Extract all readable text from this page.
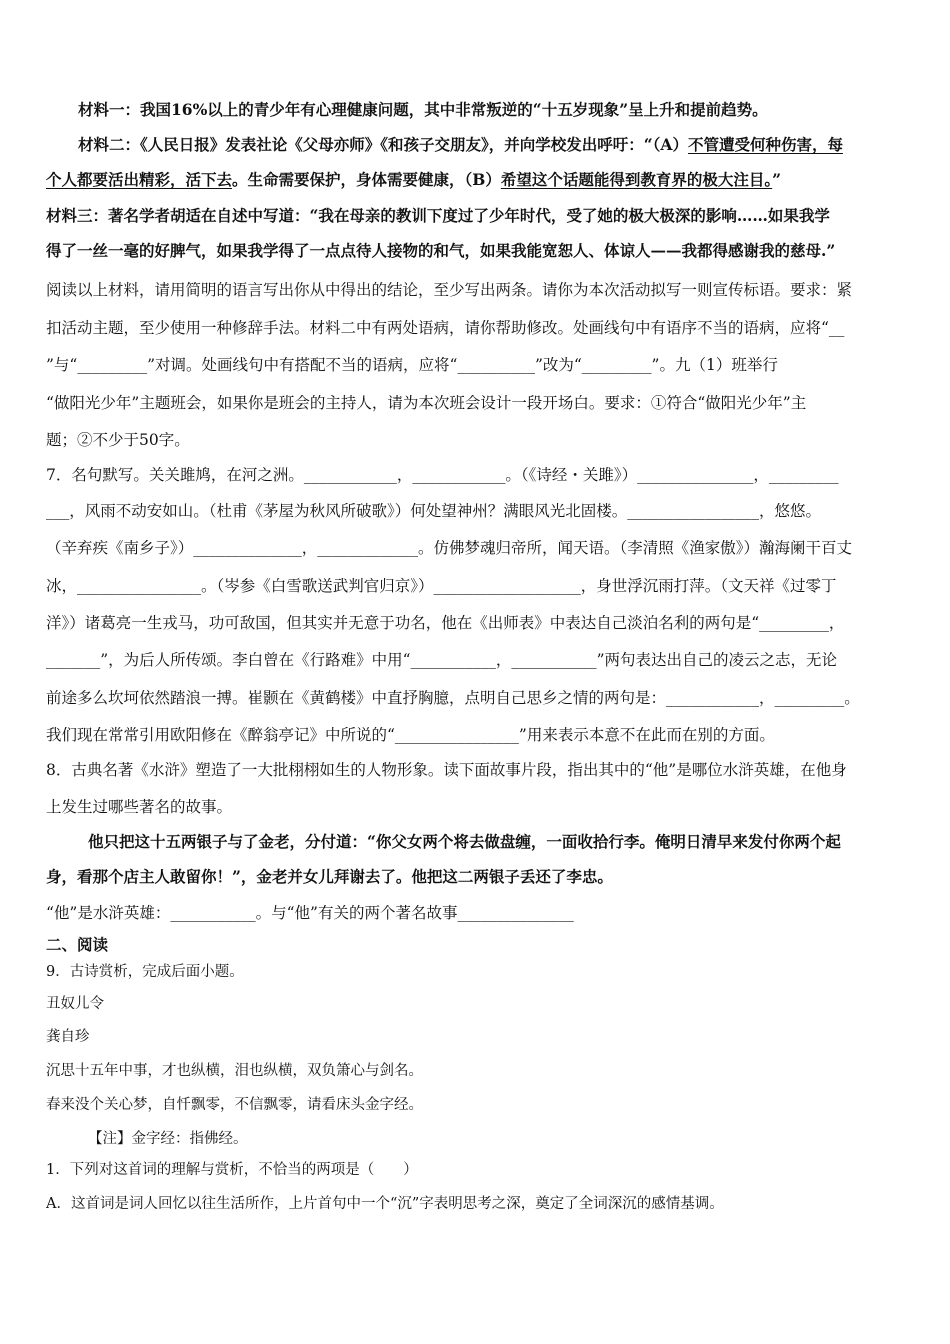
材料一：我国16%以上的青少年有心理健康问题，其中非常叛逆的“十五岁现象”呈上升和提前趋势。
材料二：《人民日报》发表社论《父母亦师》《和孩子交朋友》，并向学校发出呼吁：“（A）不管遭受何种伤害，每
个人都要活出精彩，活下去。生命需要保护，身体需要健康，（B）希望这个话题能得到教育界的极大注目。”
材料三：著名学者胡适在自述中写道：“我在母亲的教训下度过了少年时代，受了她的极大极深的影响……如果我学
得了一丝一毫的好脾气，如果我学得了一点点待人接物的和气，如果我能宽恕人、体谅人——我都得感谢我的慈母.”
阅读以上材料，请用简明的语言写出你从中得出的结论，至少写出两条。请你为本次活动拟写一则宣传标语。要求：紧
扣活动主题，至少使用一种修辞手法。材料二中有两处语病，请你帮助修改。处画线句中有语序不当的语病，应将“__
”与“_________”对调。处画线句中有搭配不当的语病，应将“__________”改为“_________”。九（1）班举行
“做阳光少年”主题班会，如果你是班会的主持人，请为本次班会设计一段开场白。要求：①符合“做阳光少年”主
题；②不少于50字。
7．名句默写。关关雎鸠，在河之洲。____________，____________。（《诗经・关雎》）_______________，_________
___，风雨不动安如山。（杜甫《茅屋为秋风所破歌》）何处望神州？满眼风光北固楼。_________________，悠悠。
（辛弃疾《南乡子》）______________，_____________。仿佛梦魂归帝所，闻天语。（李清照《渔家傲》）瀚海阑干百丈
冰，________________。（岑参《白雪歌送武判官归京》）___________________，身世浮沉雨打萍。（文天祥《过零丁
洋》）诸葛亮一生戎马，功可敌国，但其实并无意于功名，他在《出师表》中表达自己淡泊名利的两句是“_________，
_______”，为后人所传颂。李白曾在《行路难》中用“___________，___________”两句表达出自己的凌云之志，无论
前途多么坎坷依然踏浪一搏。崔颢在《黄鹤楼》中直抒胸臆，点明自己思乡之情的两句是：____________，_________。
我们现在常常引用欧阳修在《醉翁亭记》中所说的“________________”用来表示本意不在此而在别的方面。
8．古典名著《水浒》塑造了一大批栩栩如生的人物形象。读下面故事片段，指出其中的“他”是哪位水浒英雄，在他身
上发生过哪些著名的故事。
他只把这十五两银子与了金老，分付道：“你父女两个将去做盘缠，一面收拾行李。俺明日清早来发付你两个起
身，看那个店主人敢留你！”，金老并女儿拜谢去了。他把这二两银子丢还了李忠。
“他”是水浒英雄：___________。与“他”有关的两个著名故事_______________
二、阅读
9．古诗赏析，完成后面小题。
丑奴儿令
龚自珍
沉思十五年中事，才也纵横，泪也纵横，双负箫心与剑名。
春来没个关心梦，自忏飘零，不信飘零，请看床头金字经。
【注】金字经：指佛经。
1．下列对这首词的理解与赏析，不恰当的两项是（　　）
A．这首词是词人回忆以往生活所作，上片首句中一个“沉”字表明思考之深，奠定了全词深沉的感情基调。
